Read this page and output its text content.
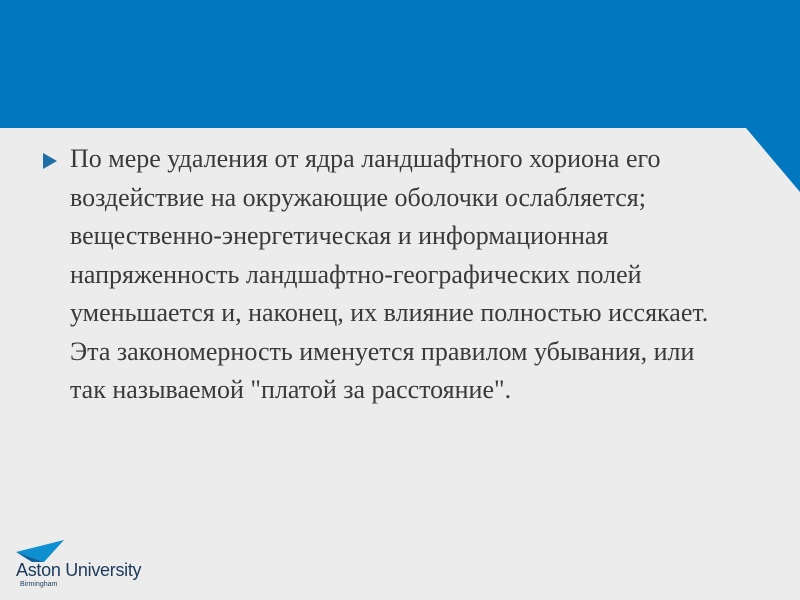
По мере удаления от ядра ландшафтного хориона его воздействие на окружающие оболочки ослабляется; вещественно-энергетическая и информационная напряженность ландшафтно-географических полей уменьшается и, наконец, их влияние полностью иссякает. Эта закономерность именуется правилом убывания, или так называемой "платой за расстояние".

Aston University
Birmingham
